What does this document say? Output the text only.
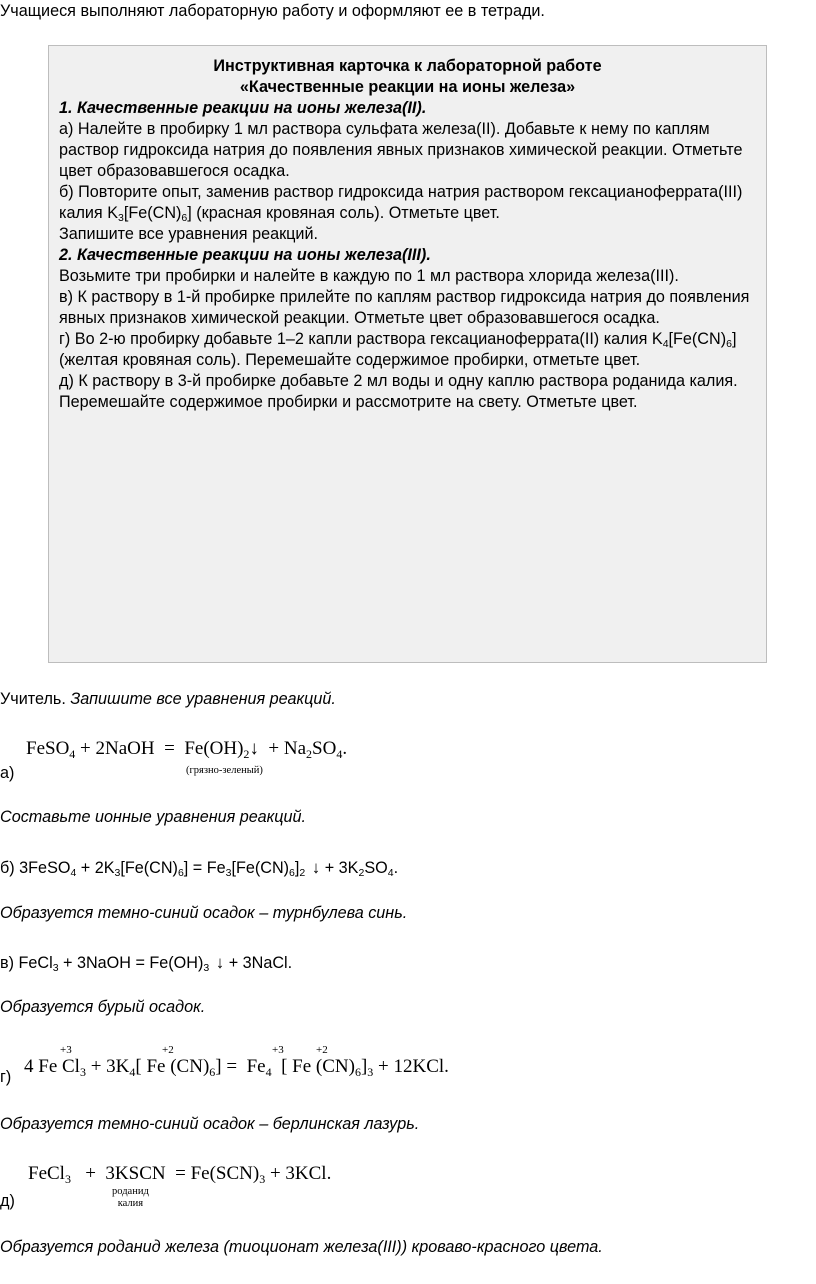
Учащиеся выполняют лабораторную работу и оформляют ее в тетради.

Инструктивная карточка к лабораторной работе
«Качественные реакции на ионы железа»
1. Качественные реакции на ионы железа(II).

а) Налейте в пробирку 1 мл раствора сульфата железа(II). Добавьте к нему по каплям раствор гидроксида натрия до появления явных признаков химической реакции. Отметьте цвет образовавшегося осадка.

б) Повторите опыт, заменив раствор гидроксида натрия раствором гексацианоферрата(III) калия $K_3[Fe(CN)_6]$ (красная кровяная соль). Отметьте цвет.

Запишите все уравнения реакций.

2. Качественные реакции на ионы железа(III).

Возьмите три пробирки и налейте в каждую по 1 мл раствора хлорида железа(III).

в) К раствору в 1-й пробирке прилейте по каплям раствор гидроксида натрия до появления явных признаков химической реакции. Отметьте цвет образовавшегося осадка.

г) Во 2-ю пробирку добавьте 1–2 капли раствора гексацианоферрата(II) калия $K_4[Fe(CN)_6]$ (желтая кровяная соль). Перемешайте содержимое пробирки, отметьте цвет.

д) К раствору в 3-й пробирке добавьте 2 мл воды и одну каплю раствора роданида калия. Перемешайте содержимое пробирки и рассмотрите на свету. Отметьте цвет.

Учитель. Запишите все уравнения реакций.

FeSO$_4$ + 2NaOH  =  $Fe(OH)_2↓ + Na_2SO_4$.
(грязно-зеленый)

а)

Составьте ионные уравнения реакций.

б) 3FeSO$_4$ + $2K_3[Fe(CN)_6] = Fe_3[Fe(CN)_6]_2$ ↓ + $3K_2SO_4$.

Образуется темно-синий осадок – турнбулева синь.

в) FeCl$_3$ + 3NaOH = $Fe(OH)_3$ ↓ + 3NaCl.

Образуется бурый осадок.

+3	+2	+3	+2
4 Fe $Cl_3 + 3K_4$[ Fe $(CN)_6] = Fe_4$  [ Fe $(CN)_6]_3 + 12KCl$.

г)

Образуется темно-синий осадок – берлинская лазурь.

FeCl$_3$   +  3KSCN  = $Fe(SCN)_3 + 3KCl$.
роданид
калия

д)

Образуется роданид железа (тиоционат железа(III)) кроваво-красного цвета.
